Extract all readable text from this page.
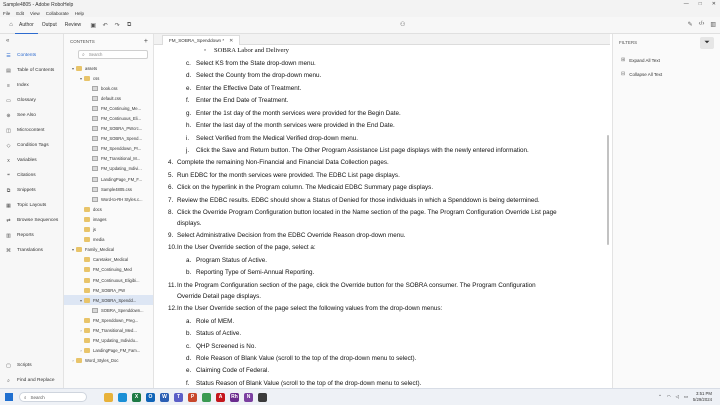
Sample4805 - Adobe RoboHelp	— □ ✕
File Edit View Collaborate Help
⌂	Author	Output	Review	▣ ↶ ↷	⧉	⚇	✎ ‹/› ▥
«
☰ Contents
▤ Table of Contents
≡	Index
▭ Glossary
⊕ See Also
◫ Microcontent
◇	Condition Tags
x	Variables
❝	Citations
⧉	Snippets
▦ Topic Layouts
⇄ Browse Sequences
▥ Reports
⌘ Translations
▢ Scripts
⌕	Find and Replace
CONTENTS	+
⌕ Search
▾	assets
▾	css
book.css
default.css
FM_Continuing_Me...
FM_Continuous_Eli...
FM_SOBRA_PWcrc...
FM_SOBRA_Spend...
FM_Spenddown_Pr...
FM_Transitional_M...
FM_Updating_Indivi...
LandingPage_FM_F...
Sample4805.css
Word-to-RH Styles.c...
docs
images
js
media
▾	Family_Medical
Caretaker_Medical
FM_Continuing_Med
FM_Continuous_Eligibi...
FM_SOBRA_PW
▾	FM_SOBRA_Spendd...
SOBRA_Spenddown...
FM_Spenddown_Preg...
›	FM_Transitional_Med...
FM_Updating_Individu...
›	LandingPage_FM_Fam...
›	Word_Styles_Doc
FM_SOBRA_Spenddown * ✕
◦ SOBRA Labor and Delivery
c. Select KS from the State drop-down menu.
d. Select the County from the drop-down menu.
e. Enter the Effective Date of Treatment.
f. Enter the End Date of Treatment.
g. Enter the 1st day of the month services were provided for the Begin Date.
h. Enter the last day of the month services were provided in the End Date.
i. Select Verified from the Medical Verified drop-down menu.
j. Click the Save and Return button. The Other Program Assistance List page displays with the newly entered information.
4. Complete the remaining Non-Financial and Financial Data Collection pages.
5. Run EDBC for the month services were provided. The EDBC List page displays.
6. Click on the hyperlink in the Program column. The Medicaid EDBC Summary page displays.
7. Review the EDBC results. EDBC should show a Status of Denied for those individuals in which a Spenddown is being determined.
8. Click the Override Program Configuration button located in the Name section of the page. The Program Configuration Override List page
displays.
9. Select Administrative Decision from the EDBC Override Reason drop-down menu.
10.In the User Override section of the page, select a:
a. Program Status of Active.
b. Reporting Type of Semi-Annual Reporting.
11.In the Program Configuration section of the page, click the Override button for the SOBRA consumer. The Program Configuration
Override Detail page displays.
12.In the User Override section of the page select the following values from the drop-down menus:
a. Role of MEM.
b. Status of Active.
c. QHP Screened is No.
d. Role Reason of Blank Value (scroll to the top of the drop-down menu to select).
e. Claiming Code of Federal.
f. Status Reason of Blank Value (scroll to the top of the drop-down menu to select).
FILTERS
⊞ Expand All Text
⊟ Collapse All Text
⏷
⌕ Search	X	O	W	T	P	A	Rh	N	⌃ ◠ ◁ ▭	3:51 PM
5/29/2024
